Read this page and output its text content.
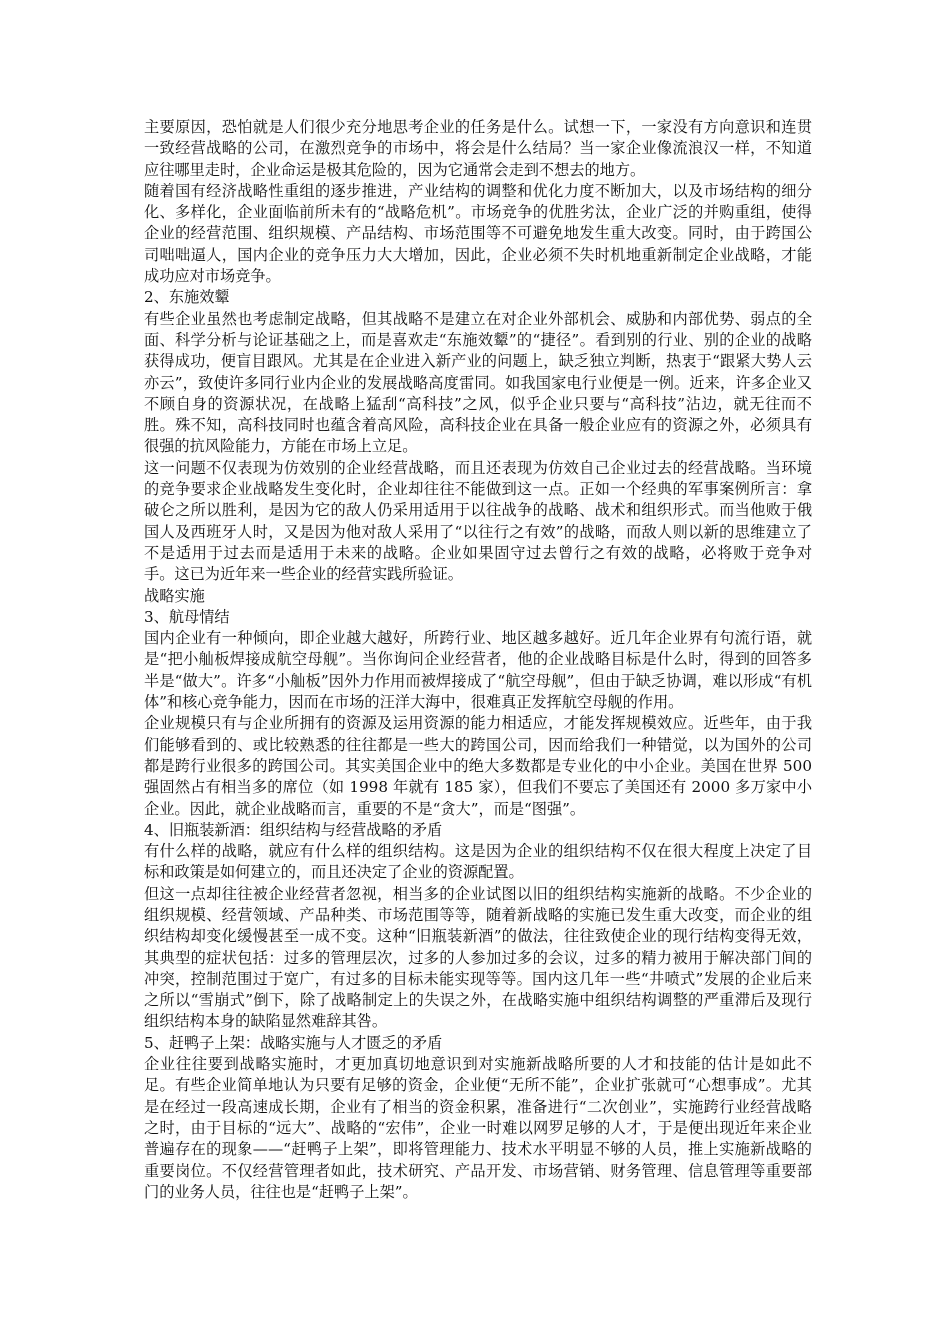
主要原因，恐怕就是人们很少充分地思考企业的任务是什么。试想一下，一家没有方向意识和连贯一致经营战略的公司，在激烈竞争的市场中，将会是什么结局？当一家企业像流浪汉一样，不知道应往哪里走时，企业命运是极其危险的，因为它通常会走到不想去的地方。

随着国有经济战略性重组的逐步推进，产业结构的调整和优化力度不断加大，以及市场结构的细分化、多样化，企业面临前所未有的“战略危机”。市场竞争的优胜劣汰，企业广泛的并购重组，使得企业的经营范围、组织规模、产品结构、市场范围等不可避免地发生重大改变。同时，由于跨国公司咄咄逼人，国内企业的竞争压力大大增加，因此，企业必须不失时机地重新制定企业战略，才能成功应对市场竞争。

2、东施效颦

有些企业虽然也考虑制定战略，但其战略不是建立在对企业外部机会、威胁和内部优势、弱点的全面、科学分析与论证基础之上，而是喜欢走“东施效颦”的“捷径”。看到别的行业、别的企业的战略获得成功，便盲目跟风。尤其是在企业进入新产业的问题上，缺乏独立判断，热衷于“跟紧大势人云亦云”，致使许多同行业内企业的发展战略高度雷同。如我国家电行业便是一例。近来，许多企业又不顾自身的资源状况，在战略上猛刮“高科技”之风，似乎企业只要与“高科技”沾边，就无往而不胜。殊不知，高科技同时也蕴含着高风险，高科技企业在具备一般企业应有的资源之外，必须具有很强的抗风险能力，方能在市场上立足。

这一问题不仅表现为仿效别的企业经营战略，而且还表现为仿效自己企业过去的经营战略。当环境的竞争要求企业战略发生变化时，企业却往往不能做到这一点。正如一个经典的军事案例所言：拿破仑之所以胜利，是因为它的敌人仍采用适用于以往战争的战略、战术和组织形式。而当他败于俄国人及西班牙人时，又是因为他对敌人采用了“以往行之有效”的战略，而敌人则以新的思维建立了不是适用于过去而是适用于未来的战略。企业如果固守过去曾行之有效的战略，必将败于竞争对手。这已为近年来一些企业的经营实践所验证。

战略实施

3、航母情结

国内企业有一种倾向，即企业越大越好，所跨行业、地区越多越好。近几年企业界有句流行语，就是“把小舢板焊接成航空母舰”。当你询问企业经营者，他的企业战略目标是什么时，得到的回答多半是“做大”。许多“小舢板”因外力作用而被焊接成了“航空母舰”，但由于缺乏协调，难以形成“有机体”和核心竞争能力，因而在市场的汪洋大海中，很难真正发挥航空母舰的作用。

企业规模只有与企业所拥有的资源及运用资源的能力相适应，才能发挥规模效应。近些年，由于我们能够看到的、或比较熟悉的往往都是一些大的跨国公司，因而给我们一种错觉，以为国外的公司都是跨行业很多的跨国公司。其实美国企业中的绝大多数都是专业化的中小企业。美国在世界 500 强固然占有相当多的席位（如 1998 年就有 185 家），但我们不要忘了美国还有 2000 多万家中小企业。因此，就企业战略而言，重要的不是“贪大”，而是“图强”。

4、旧瓶装新酒：组织结构与经营战略的矛盾

有什么样的战略，就应有什么样的组织结构。这是因为企业的组织结构不仅在很大程度上决定了目标和政策是如何建立的，而且还决定了企业的资源配置。

但这一点却往往被企业经营者忽视，相当多的企业试图以旧的组织结构实施新的战略。不少企业的组织规模、经营领域、产品种类、市场范围等等，随着新战略的实施已发生重大改变，而企业的组织结构却变化缓慢甚至一成不变。这种“旧瓶装新酒”的做法，往往致使企业的现行结构变得无效，其典型的症状包括：过多的管理层次，过多的人参加过多的会议，过多的精力被用于解决部门间的冲突，控制范围过于宽广，有过多的目标未能实现等等。国内这几年一些“井喷式”发展的企业后来之所以“雪崩式”倒下，除了战略制定上的失误之外，在战略实施中组织结构调整的严重滞后及现行组织结构本身的缺陷显然难辞其咎。

5、赶鸭子上架：战略实施与人才匮乏的矛盾

企业往往要到战略实施时，才更加真切地意识到对实施新战略所要的人才和技能的估计是如此不足。有些企业简单地认为只要有足够的资金，企业便“无所不能”，企业扩张就可“心想事成”。尤其是在经过一段高速成长期，企业有了相当的资金积累，准备进行“二次创业”，实施跨行业经营战略之时，由于目标的“远大”、战略的“宏伟”，企业一时难以网罗足够的人才，于是便出现近年来企业普遍存在的现象——“赶鸭子上架”，即将管理能力、技术水平明显不够的人员，推上实施新战略的重要岗位。不仅经营管理者如此，技术研究、产品开发、市场营销、财务管理、信息管理等重要部门的业务人员，往往也是“赶鸭子上架”。
